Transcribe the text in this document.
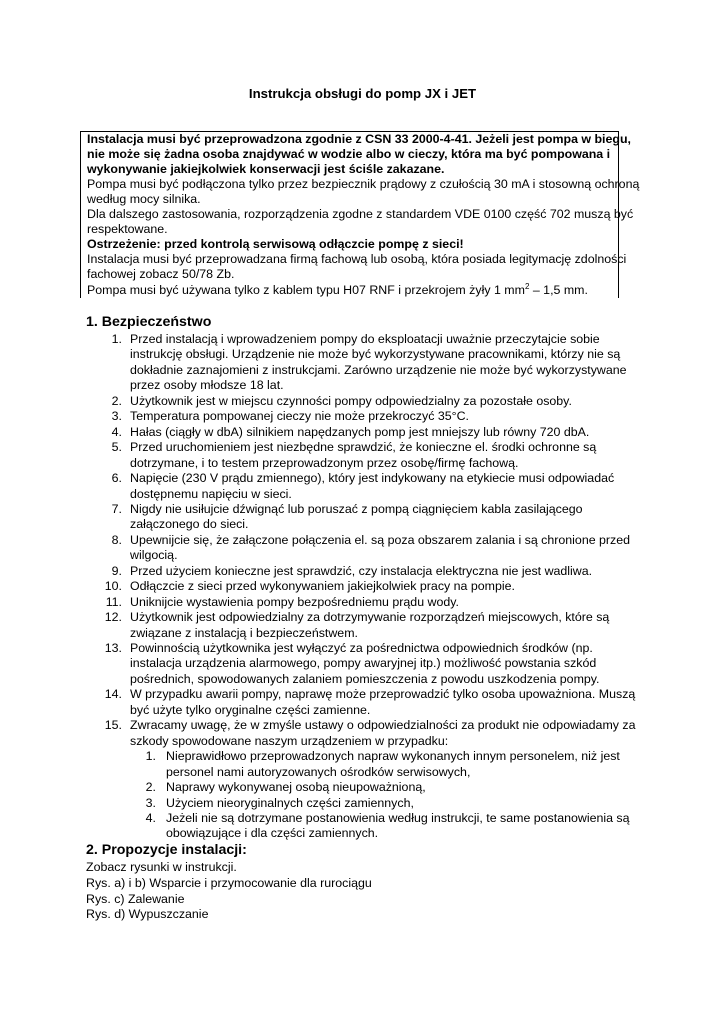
Instrukcja obsługi do pomp JX i JET
Instalacja musi być przeprowadzona zgodnie z CSN 33 2000-4-41. Jeżeli jest pompa w biegu,
nie może się żadna osoba znajdywać w wodzie albo w cieczy, która ma być pompowana i
wykonywanie jakiejkolwiek konserwacji jest ściśle zakazane.
Pompa musi być podłączona tylko przez bezpiecznik prądowy z czułością 30 mA i stosowną ochroną
według mocy silnika.
Dla dalszego zastosowania, rozporządzenia zgodne z standardem VDE 0100 część 702 muszą być
respektowane.
Ostrzeżenie: przed kontrolą serwisową odłączcie pompę z sieci!
Instalacja musi być przeprowadzana firmą fachową lub osobą, która posiada legitymację zdolności
fachowej zobacz 50/78 Zb.
Pompa musi być używana tylko z kablem typu H07 RNF i przekrojem żyły 1 $mm^2 - 1,5$ mm.
1. Bezpieczeństwo
1. Przed instalacją i wprowadzeniem pompy do eksploatacji uważnie przeczytajcie sobie
instrukcję obsługi. Urządzenie nie może być wykorzystywane pracownikami, którzy nie są
dokładnie zaznajomieni z instrukcjami. Zarówno urządzenie nie może być wykorzystywane
przez osoby młodsze 18 lat.
2. Użytkownik jest w miejscu czynności pompy odpowiedzialny za pozostałe osoby.
3. Temperatura pompowanej cieczy nie może przekroczyć 35°C.
4. Hałas (ciągły w dbA) silnikiem napędzanych pomp jest mniejszy lub równy 720 dbA.
5. Przed uruchomieniem jest niezbędne sprawdzić, że konieczne el. środki ochronne są
dotrzymane, i to testem przeprowadzonym przez osobę/firmę fachową.
6. Napięcie (230 V prądu zmiennego), który jest indykowany na etykiecie musi odpowiadać
dostępnemu napięciu w sieci.
7. Nigdy nie usiłujcie dźwignąć lub poruszać z pompą ciągnięciem kabla zasilającego
załączonego do sieci.
8. Upewnijcie się, że załączone połączenia el. są poza obszarem zalania i są chronione przed
wilgocią.
9. Przed użyciem konieczne jest sprawdzić, czy instalacja elektryczna nie jest wadliwa.
10. Odłączcie z sieci przed wykonywaniem jakiejkolwiek pracy na pompie.
11. Uniknijcie wystawienia pompy bezpośredniemu prądu wody.
12. Użytkownik jest odpowiedzialny za dotrzymywanie rozporządzeń miejscowych, które są
związane z instalacją i bezpieczeństwem.
13. Powinnością użytkownika jest wyłączyć za pośrednictwa odpowiednich środków (np.
instalacja urządzenia alarmowego, pompy awaryjnej itp.) możliwość powstania szkód
pośrednich, spowodowanych zalaniem pomieszczenia z powodu uszkodzenia pompy.
14. W przypadku awarii pompy, naprawę może przeprowadzić tylko osoba upoważniona. Muszą
być użyte tylko oryginalne części zamienne.
15. Zwracamy uwagę, że w zmyśle ustawy o odpowiedzialności za produkt nie odpowiadamy za
szkody spowodowane naszym urządzeniem w przypadku:
1. Nieprawidłowo przeprowadzonych napraw wykonanych innym personelem, niż jest
personel nami autoryzowanych ośrodków serwisowych,
2. Naprawy wykonywanej osobą nieupoważnioną,
3. Użyciem nieoryginalnych części zamiennych,
4. Jeżeli nie są dotrzymane postanowienia według instrukcji, te same postanowienia są
obowiązujące i dla części zamiennych.
2. Propozycje instalacji:
Zobacz rysunki w instrukcji.
Rys. a) i b) Wsparcie i przymocowanie dla rurociągu
Rys. c) Zalewanie
Rys. d) Wypuszczanie
